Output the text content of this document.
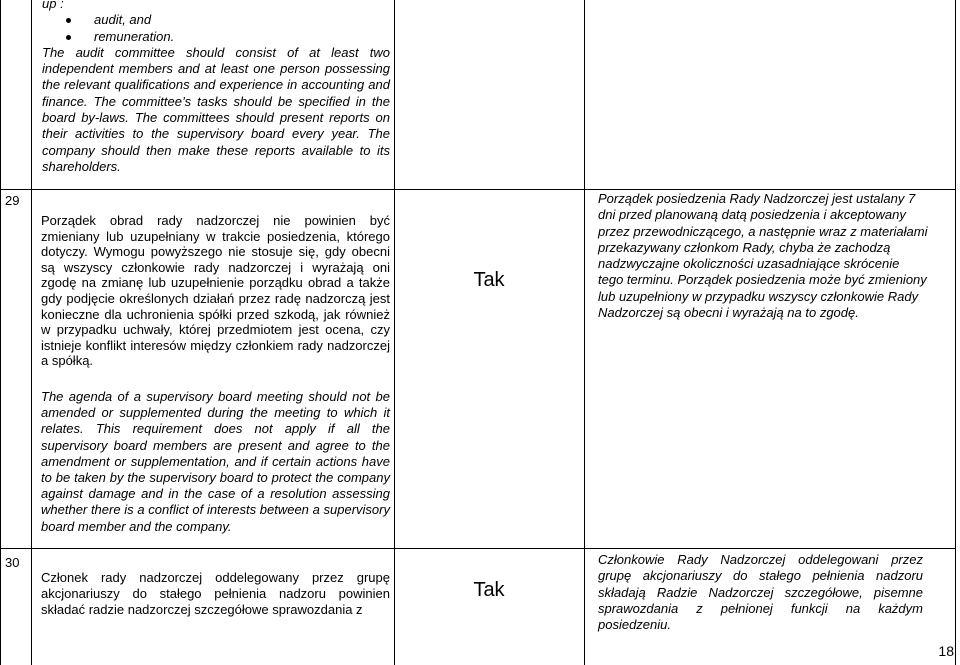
up :
audit, and
remuneration.
The audit committee should consist of at least two independent members and at least one person possessing the relevant qualifications and experience in accounting and finance. The committee’s tasks should be specified in the board by-laws. The committees should present reports on their activities to the supervisory board every year. The company should then make these reports available to its shareholders.
29
Porządek obrad rady nadzorczej nie powinien być zmieniany lub uzupełniany w trakcie posiedzenia, którego dotyczy. Wymogu powyższego nie stosuje się, gdy obecni są wszyscy członkowie rady nadzorczej i wyrażają oni zgodę na zmianę lub uzupełnienie porządku obrad a także gdy podjęcie określonych działań przez radę nadzorczą jest konieczne dla uchronienia spółki przed szkodą, jak również w przypadku uchwały, której przedmiotem jest ocena, czy istnieje konflikt interesów między członkiem rady nadzorczej a spółką.
The agenda of a supervisory board meeting should not be amended or supplemented during the meeting to which it relates. This requirement does not apply if all the supervisory board members are present and agree to the amendment or supplementation, and if certain actions have to be taken by the supervisory board to protect the company against damage and in the case of a resolution assessing whether there is a conflict of interests between a supervisory board member and the company.
Tak
Porządek posiedzenia Rady Nadzorczej jest ustalany 7 dni przed planowaną datą posiedzenia i akceptowany przez przewodniczącego, a następnie wraz z materiałami przekazywany członkom Rady, chyba że zachodzą nadzwyczajne okoliczności uzasadniające skrócenie tego terminu. Porządek posiedzenia może być zmieniony lub uzupełniony w przypadku wszyscy członkowie Rady Nadzorczej są obecni i wyrażają na to zgodę.
30
Członek rady nadzorczej oddelegowany przez grupę akcjonariuszy do stałego pełnienia nadzoru powinien składać radzie nadzorczej szczegółowe sprawozdania z
Tak
Członkowie Rady Nadzorczej oddelegowani przez grupę akcjonariuszy do stałego pełnienia nadzoru składają Radzie Nadzorczej szczegółowe, pisemne sprawozdania z pełnionej funkcji na każdym posiedzeniu.
18
